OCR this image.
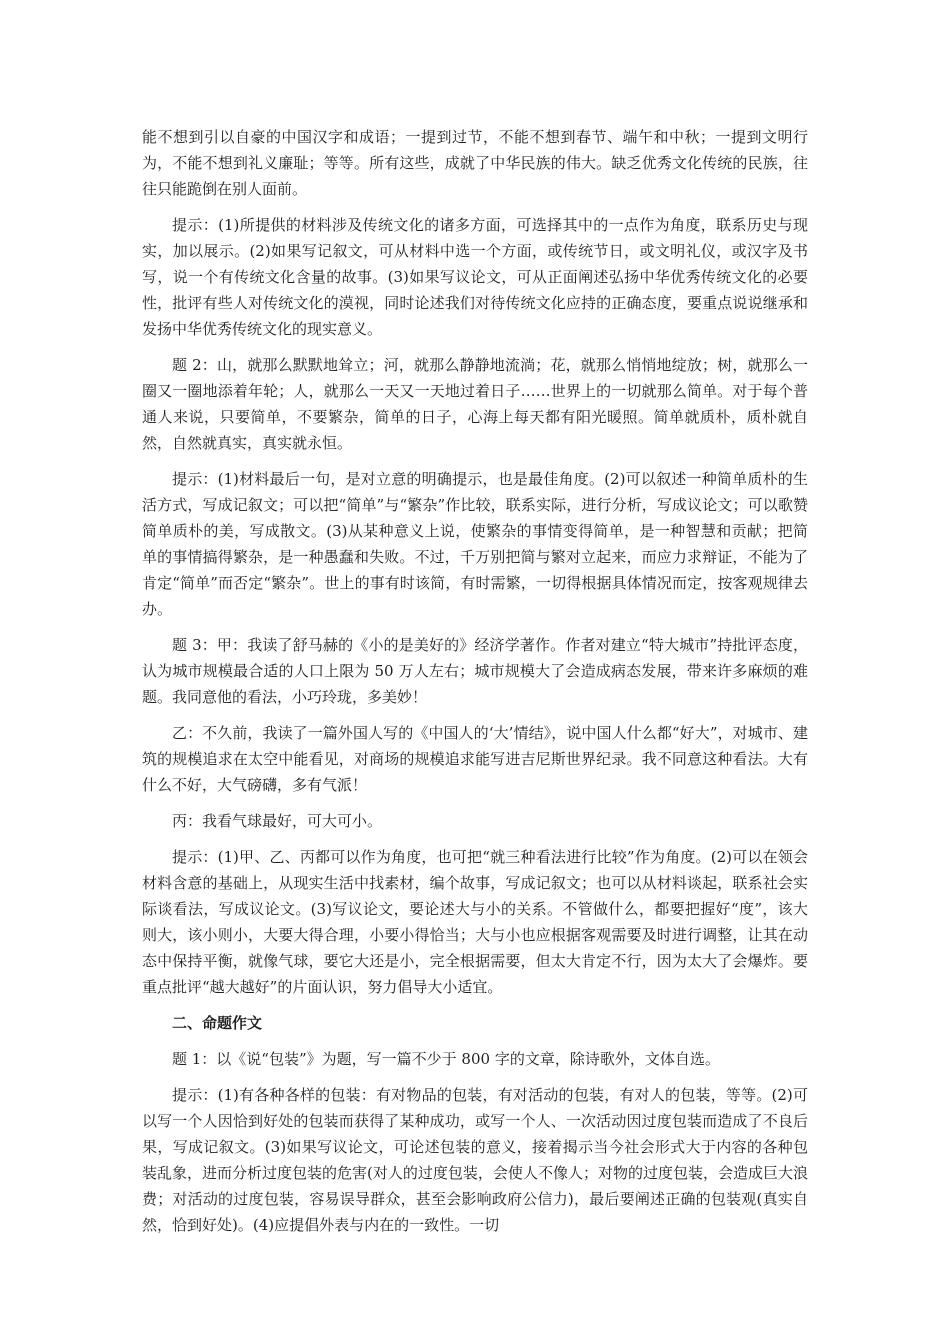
能不想到引以自豪的中国汉字和成语；一提到过节，不能不想到春节、端午和中秋；一提到文明行为，不能不想到礼义廉耻；等等。所有这些，成就了中华民族的伟大。缺乏优秀文化传统的民族，往往只能跪倒在别人面前。

提示：(1)所提供的材料涉及传统文化的诸多方面，可选择其中的一点作为角度，联系历史与现实，加以展示。(2)如果写记叙文，可从材料中选一个方面，或传统节日，或文明礼仪，或汉字及书写，说一个有传统文化含量的故事。(3)如果写议论文，可从正面阐述弘扬中华优秀传统文化的必要性，批评有些人对传统文化的漠视，同时论述我们对待传统文化应持的正确态度，要重点说说继承和发扬中华优秀传统文化的现实意义。

题 2：山，就那么默默地耸立；河，就那么静静地流淌；花，就那么悄悄地绽放；树，就那么一圈又一圈地添着年轮；人，就那么一天又一天地过着日子……世界上的一切就那么简单。对于每个普通人来说，只要简单，不要繁杂，简单的日子，心海上每天都有阳光暖照。简单就质朴，质朴就自然，自然就真实，真实就永恒。

提示：(1)材料最后一句，是对立意的明确提示，也是最佳角度。(2)可以叙述一种简单质朴的生活方式，写成记叙文；可以把“简单”与“繁杂”作比较，联系实际，进行分析，写成议论文；可以歌赞简单质朴的美，写成散文。(3)从某种意义上说，使繁杂的事情变得简单，是一种智慧和贡献；把简单的事情搞得繁杂，是一种愚蠢和失败。不过，千万别把简与繁对立起来，而应力求辩证，不能为了肯定“简单”而否定“繁杂”。世上的事有时该简，有时需繁，一切得根据具体情况而定，按客观规律去办。

题 3：甲：我读了舒马赫的《小的是美好的》经济学著作。作者对建立“特大城市”持批评态度，认为城市规模最合适的人口上限为 50 万人左右；城市规模大了会造成病态发展，带来许多麻烦的难题。我同意他的看法，小巧玲珑，多美妙！

乙：不久前，我读了一篇外国人写的《中国人的‘大’情结》，说中国人什么都“好大”，对城市、建筑的规模追求在太空中能看见，对商场的规模追求能写进吉尼斯世界纪录。我不同意这种看法。大有什么不好，大气磅礴，多有气派！

丙：我看气球最好，可大可小。

提示：(1)甲、乙、丙都可以作为角度，也可把“就三种看法进行比较”作为角度。(2)可以在领会材料含意的基础上，从现实生活中找素材，编个故事，写成记叙文；也可以从材料谈起，联系社会实际谈看法，写成议论文。(3)写议论文，要论述大与小的关系。不管做什么，都要把握好“度”，该大则大，该小则小，大要大得合理，小要小得恰当；大与小也应根据客观需要及时进行调整，让其在动态中保持平衡，就像气球，要它大还是小，完全根据需要，但太大肯定不行，因为太大了会爆炸。要重点批评“越大越好”的片面认识，努力倡导大小适宜。

二、命题作文

题 1：以《说“包装”》为题，写一篇不少于 800 字的文章，除诗歌外，文体自选。

提示：(1)有各种各样的包装：有对物品的包装，有对活动的包装，有对人的包装，等等。(2)可以写一个人因恰到好处的包装而获得了某种成功，或写一个人、一次活动因过度包装而造成了不良后果，写成记叙文。(3)如果写议论文，可论述包装的意义，接着揭示当今社会形式大于内容的各种包装乱象，进而分析过度包装的危害(对人的过度包装，会使人不像人；对物的过度包装，会造成巨大浪费；对活动的过度包装，容易误导群众，甚至会影响政府公信力)，最后要阐述正确的包装观(真实自然，恰到好处)。(4)应提倡外表与内在的一致性。一切
